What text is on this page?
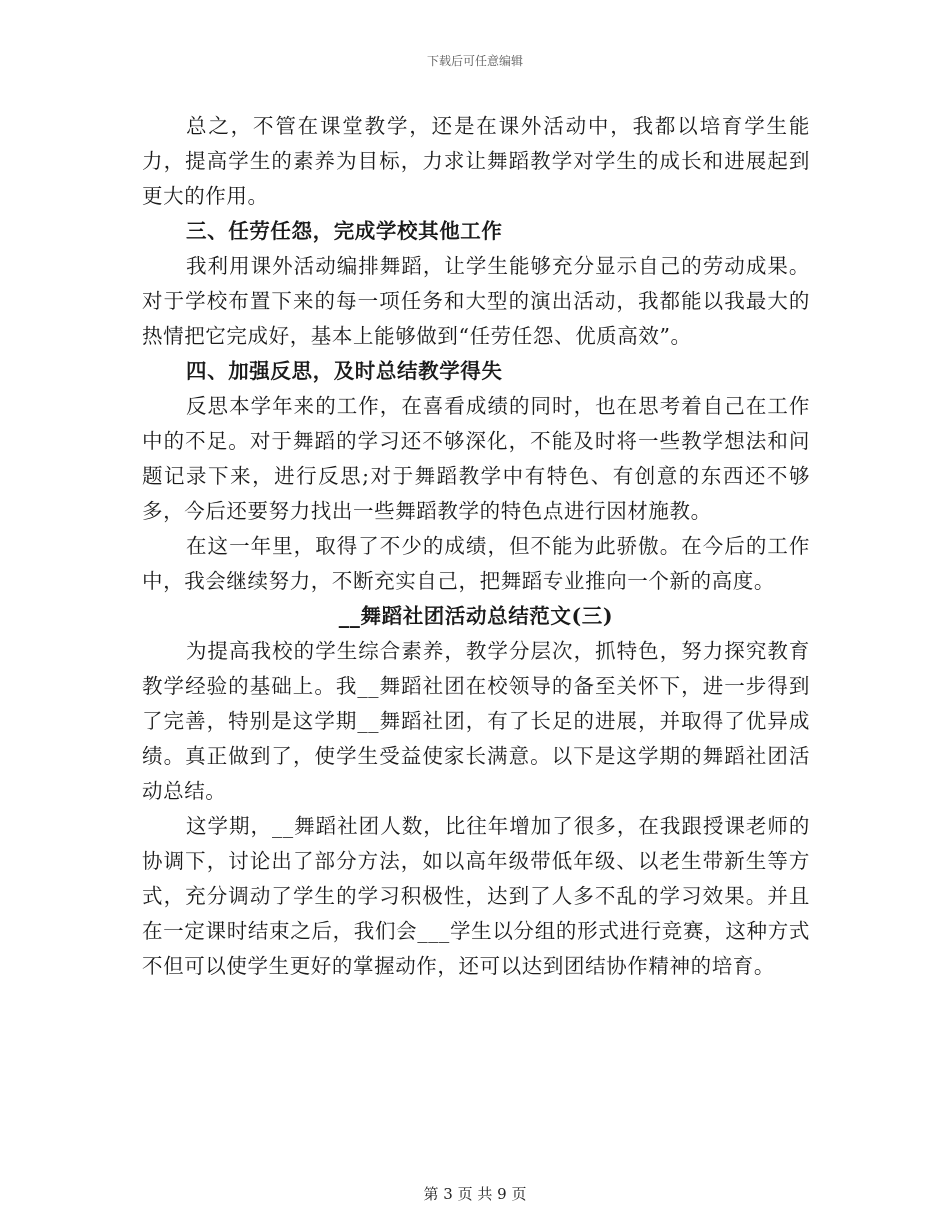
下载后可任意编辑

总之，不管在课堂教学，还是在课外活动中，我都以培育学生能力，提高学生的素养为目标，力求让舞蹈教学对学生的成长和进展起到更大的作用。

三、任劳任怨，完成学校其他工作

我利用课外活动编排舞蹈，让学生能够充分显示自己的劳动成果。对于学校布置下来的每一项任务和大型的演出活动，我都能以我最大的热情把它完成好，基本上能够做到“任劳任怨、优质高效”。

四、加强反思，及时总结教学得失

反思本学年来的工作，在喜看成绩的同时，也在思考着自己在工作中的不足。对于舞蹈的学习还不够深化，不能及时将一些教学想法和问题记录下来，进行反思;对于舞蹈教学中有特色、有创意的东西还不够多，今后还要努力找出一些舞蹈教学的特色点进行因材施教。

在这一年里，取得了不少的成绩，但不能为此骄傲。在今后的工作中，我会继续努力，不断充实自己，把舞蹈专业推向一个新的高度。

__舞蹈社团活动总结范文(三)

为提高我校的学生综合素养，教学分层次，抓特色，努力探究教育教学经验的基础上。我__舞蹈社团在校领导的备至关怀下，进一步得到了完善，特别是这学期__舞蹈社团，有了长足的进展，并取得了优异成绩。真正做到了，使学生受益使家长满意。以下是这学期的舞蹈社团活动总结。

这学期，__舞蹈社团人数，比往年增加了很多，在我跟授课老师的协调下，讨论出了部分方法，如以高年级带低年级、以老生带新生等方式，充分调动了学生的学习积极性，达到了人多不乱的学习效果。并且在一定课时结束之后，我们会___学生以分组的形式进行竞赛，这种方式不但可以使学生更好的掌握动作，还可以达到团结协作精神的培育。

第 3 页 共 9 页
